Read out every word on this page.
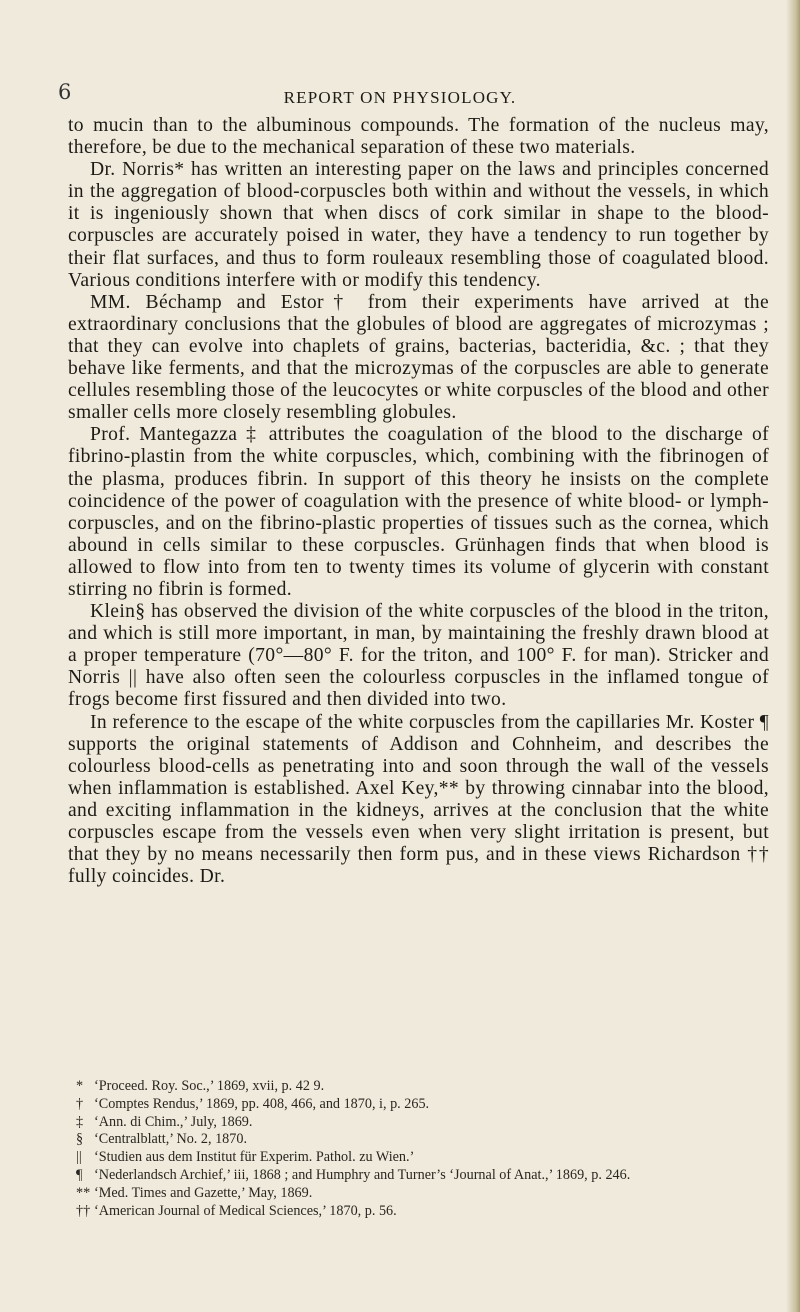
6	REPORT ON PHYSIOLOGY.

to mucin than to the albuminous compounds. The formation of the nucleus may, therefore, be due to the mechanical separation of these two materials.

Dr. Norris* has written an interesting paper on the laws and principles concerned in the aggregation of blood-corpuscles both within and without the vessels, in which it is ingeniously shown that when discs of cork similar in shape to the blood-corpuscles are accurately poised in water, they have a tendency to run together by their flat surfaces, and thus to form rouleaux resembling those of coagulated blood. Various conditions interfere with or modify this tendency.

MM. Béchamp and Estor† from their experiments have arrived at the extraordinary conclusions that the globules of blood are aggregates of microzymas ; that they can evolve into chaplets of grains, bacterias, bacteridia, &c. ; that they behave like ferments, and that the microzymas of the corpuscles are able to generate cellules resembling those of the leucocytes or white corpuscles of the blood and other smaller cells more closely resembling globules.

Prof. Mantegazza ‡ attributes the coagulation of the blood to the discharge of fibrino-plastin from the white corpuscles, which, combining with the fibrinogen of the plasma, produces fibrin. In support of this theory he insists on the complete coincidence of the power of coagulation with the presence of white blood- or lymph-corpuscles, and on the fibrino-plastic properties of tissues such as the cornea, which abound in cells similar to these corpuscles. Grünhagen finds that when blood is allowed to flow into from ten to twenty times its volume of glycerin with constant stirring no fibrin is formed.

Klein§ has observed the division of the white corpuscles of the blood in the triton, and which is still more important, in man, by maintaining the freshly drawn blood at a proper temperature (70°—80° F. for the triton, and 100° F. for man). Stricker and Norris || have also often seen the colourless corpuscles in the inflamed tongue of frogs become first fissured and then divided into two.

In reference to the escape of the white corpuscles from the capillaries Mr. Koster ¶ supports the original statements of Addison and Cohnheim, and describes the colourless blood-cells as penetrating into and soon through the wall of the vessels when inflammation is established. Axel Key,** by throwing cinnabar into the blood, and exciting inflammation in the kidneys, arrives at the conclusion that the white corpuscles escape from the vessels even when very slight irritation is present, but that they by no means necessarily then form pus, and in these views Richardson †† fully coincides. Dr.

* ‘Proceed. Roy. Soc.,’ 1869, xvii, p. 42 9.
† ‘Comptes Rendus,’ 1869, pp. 408, 466, and 1870, i, p. 265.
‡ ‘Ann. di Chim.,’ July, 1869.
§ ‘Centralblatt,’ No. 2, 1870.
|| ‘Studien aus dem Institut für Experim. Pathol. zu Wien.’
¶ ‘Nederlandsch Archief,’ iii, 1868 ; and Humphry and Turner’s ‘Journal of Anat.,’ 1869, p. 246.
** ‘Med. Times and Gazette,’ May, 1869.
†† ‘American Journal of Medical Sciences,’ 1870, p. 56.
